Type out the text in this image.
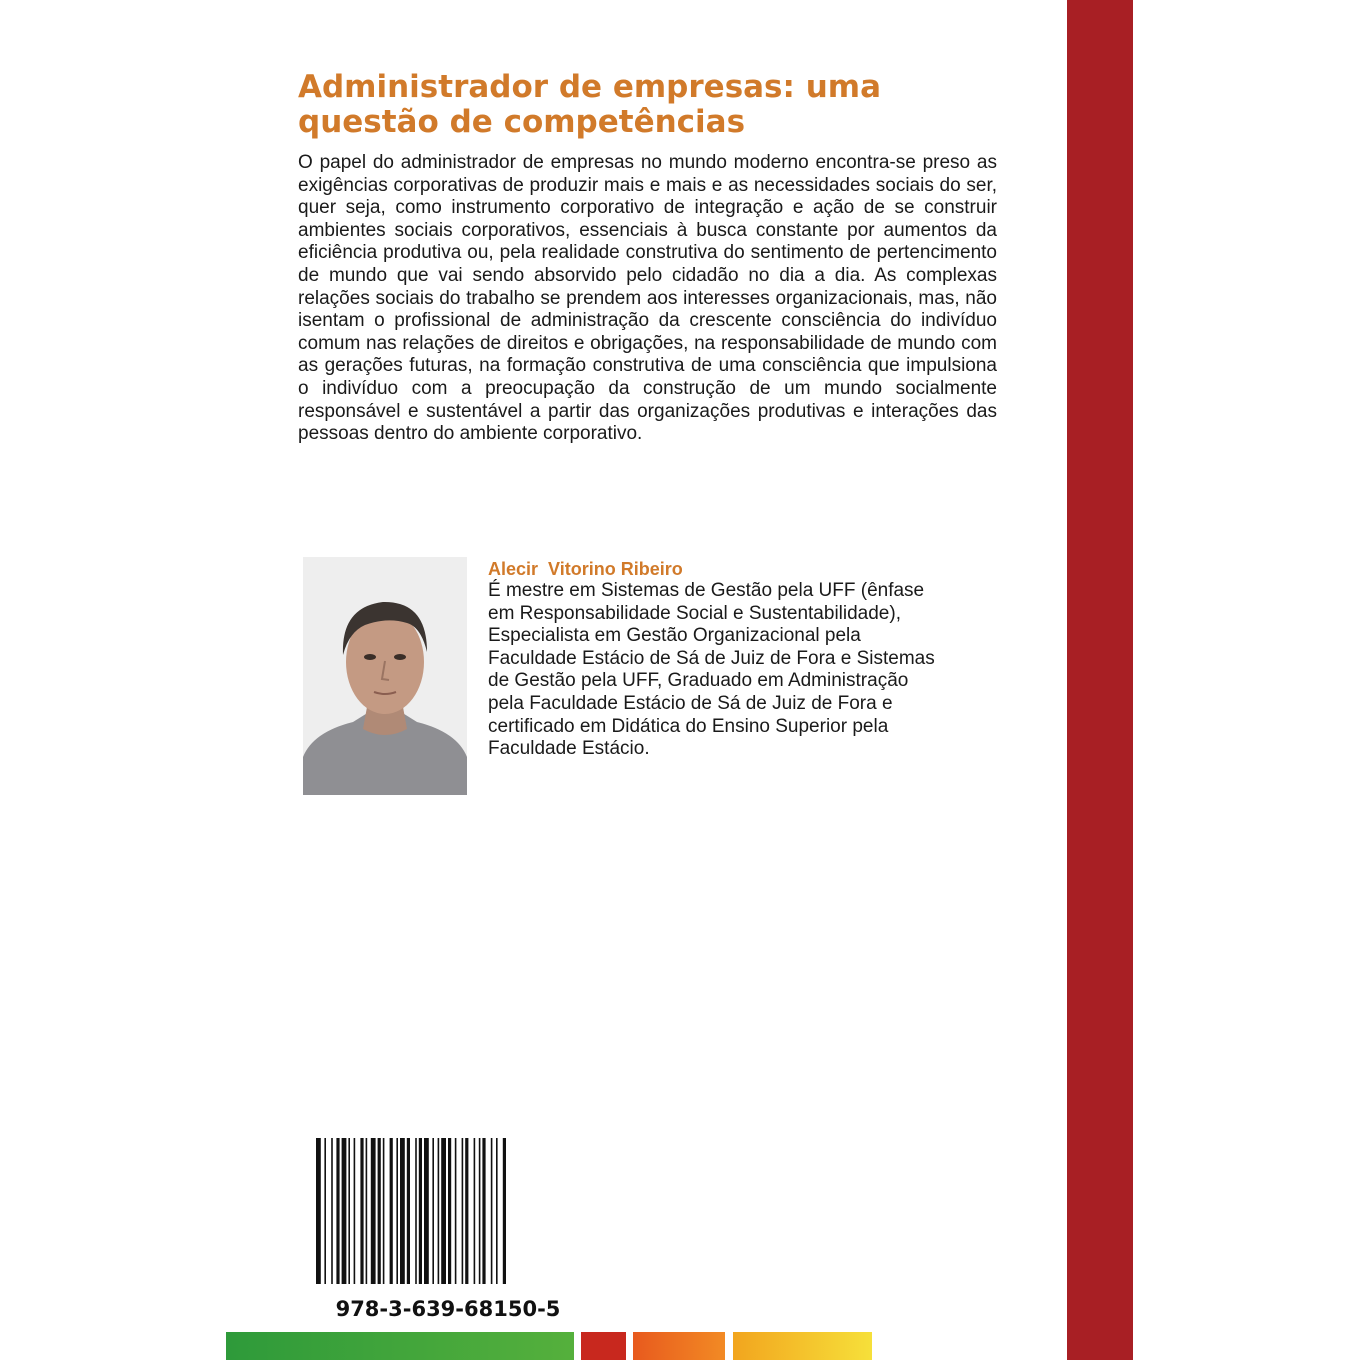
Administrador de empresas: uma
questão de competências

O papel do administrador de empresas no mundo moderno encontra-se preso as exigências corporativas de produzir mais e mais e as necessidades sociais do ser, quer seja, como instrumento corporativo de integração e ação de se construir ambientes sociais corporativos, essenciais à busca constante por aumentos da eficiência produtiva ou, pela realidade construtiva do sentimento de pertencimento de mundo que vai sendo absorvido pelo cidadão no dia a dia. As complexas relações sociais do trabalho se prendem aos interesses organizacionais, mas, não isentam o profissional de administração da crescente consciência do indivíduo comum nas relações de direitos e obrigações, na responsabilidade de mundo com as gerações futuras, na formação construtiva de uma consciência que impulsiona o indivíduo com a preocupação da construção de um mundo socialmente responsável e sustentável a partir das organizações produtivas e interações das pessoas dentro do ambiente corporativo.

Alecir  Vitorino Ribeiro

É mestre em Sistemas de Gestão pela UFF (ênfase
em Responsabilidade Social e Sustentabilidade),
Especialista em Gestão Organizacional pela
Faculdade Estácio de Sá de Juiz de Fora e Sistemas
de Gestão pela UFF, Graduado em Administração
pela Faculdade Estácio de Sá de Juiz de Fora e
certificado em Didática do Ensino Superior pela
Faculdade Estácio.

978-3-639-68150-5
